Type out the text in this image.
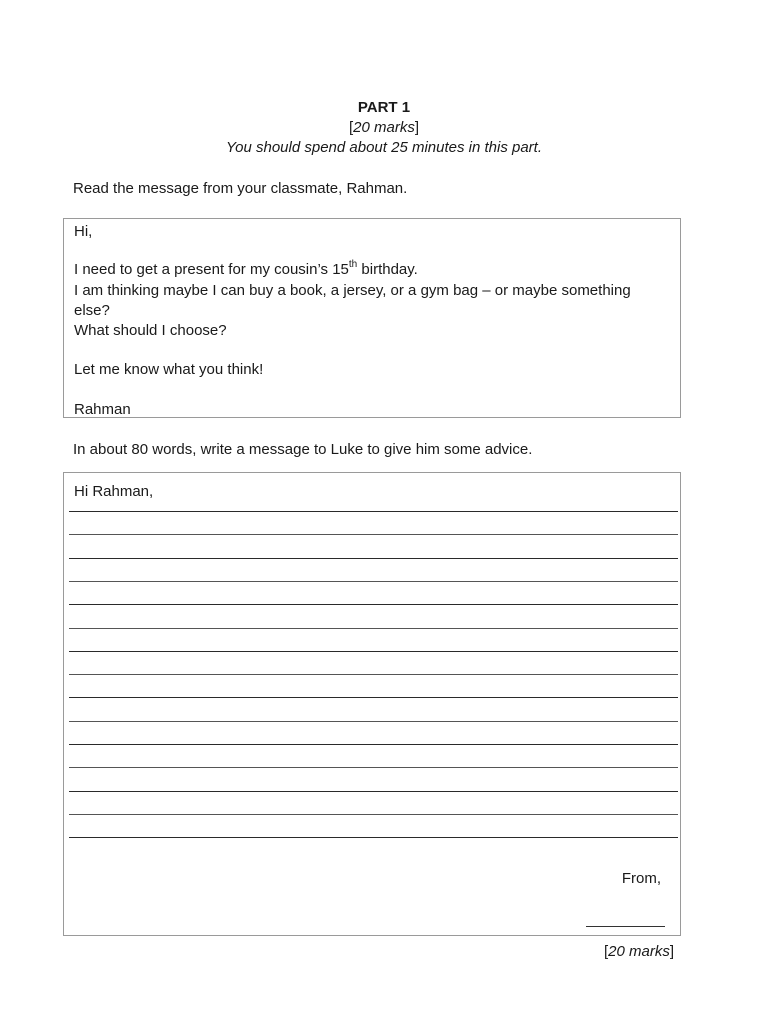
PART 1
[20 marks]
You should spend about 25 minutes in this part.
Read the message from your classmate, Rahman.
Hi,
I need to get a present for my cousin’s 15th birthday.
I am thinking maybe I can buy a book, a jersey, or a gym bag – or maybe something
else?
What should I choose?
Let me know what you think!
Rahman
In about 80 words, write a message to Luke to give him some advice.
Hi Rahman,
From,
[20 marks]
